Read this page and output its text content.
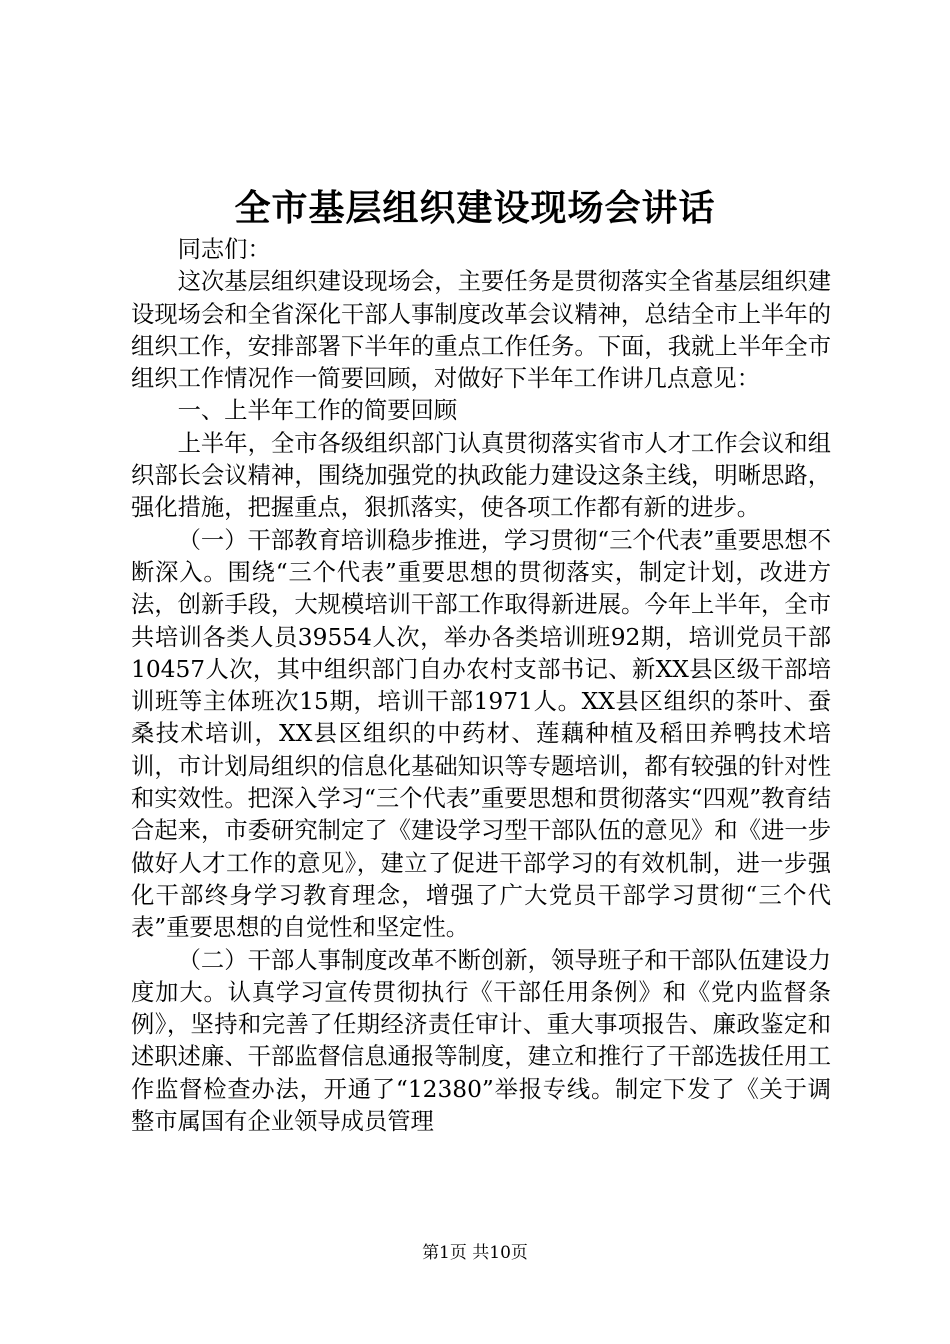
全市基层组织建设现场会讲话

同志们：

这次基层组织建设现场会，主要任务是贯彻落实全省基层组织建设现场会和全省深化干部人事制度改革会议精神，总结全市上半年的组织工作，安排部署下半年的重点工作任务。下面，我就上半年全市组织工作情况作一简要回顾，对做好下半年工作讲几点意见：

一、上半年工作的简要回顾

上半年，全市各级组织部门认真贯彻落实省市人才工作会议和组织部长会议精神，围绕加强党的执政能力建设这条主线，明晰思路，强化措施，把握重点，狠抓落实，使各项工作都有新的进步。

（一）干部教育培训稳步推进，学习贯彻“三个代表”重要思想不断深入。围绕“三个代表”重要思想的贯彻落实，制定计划，改进方法，创新手段，大规模培训干部工作取得新进展。今年上半年，全市共培训各类人员39554人次，举办各类培训班92期，培训党员干部10457人次，其中组织部门自办农村支部书记、新XX县区级干部培训班等主体班次15期，培训干部1971人。XX县区组织的茶叶、蚕桑技术培训，XX县区组织的中药材、莲藕种植及稻田养鸭技术培训，市计划局组织的信息化基础知识等专题培训，都有较强的针对性和实效性。把深入学习“三个代表”重要思想和贯彻落实“四观”教育结合起来，市委研究制定了《建设学习型干部队伍的意见》和《进一步做好人才工作的意见》，建立了促进干部学习的有效机制，进一步强化干部终身学习教育理念，增强了广大党员干部学习贯彻“三个代表”重要思想的自觉性和坚定性。

（二）干部人事制度改革不断创新，领导班子和干部队伍建设力度加大。认真学习宣传贯彻执行《干部任用条例》和《党内监督条例》，坚持和完善了任期经济责任审计、重大事项报告、廉政鉴定和述职述廉、干部监督信息通报等制度，建立和推行了干部选拔任用工作监督检查办法，开通了“12380”举报专线。制定下发了《关于调整市属国有企业领导成员管理

第1页 共10页
